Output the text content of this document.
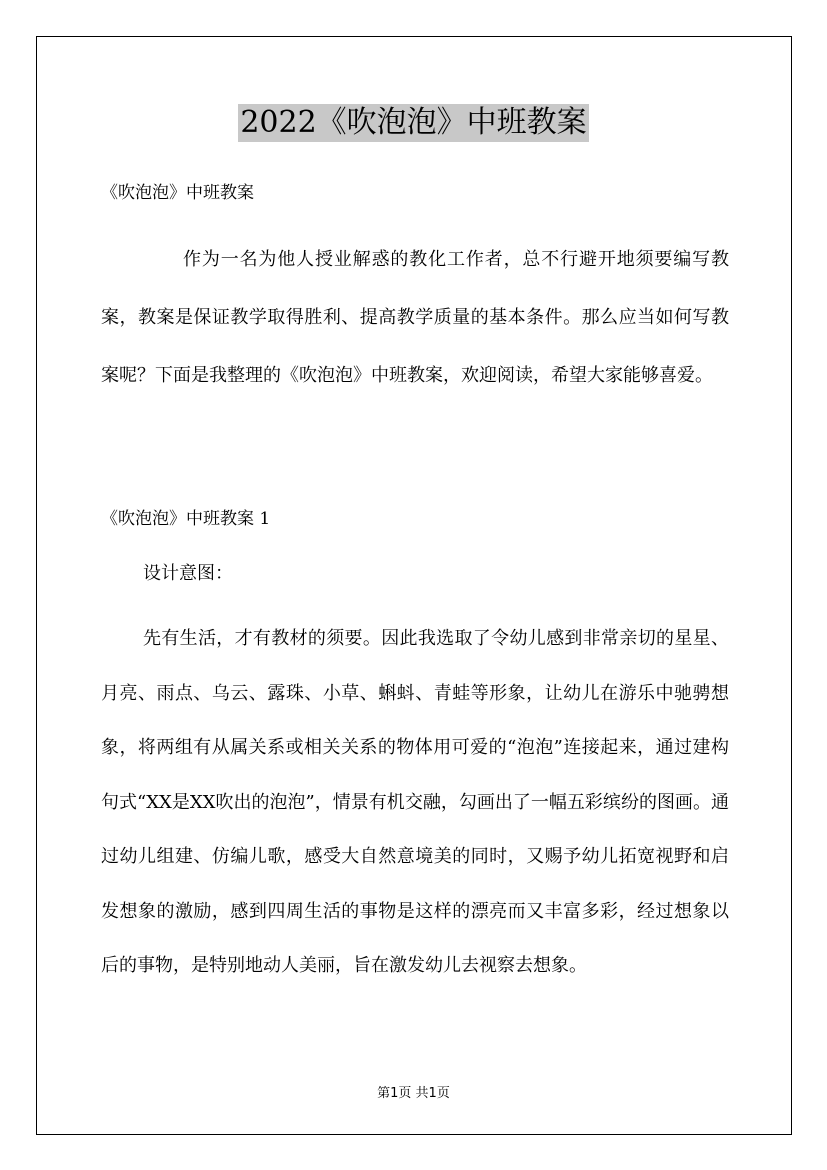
2022《吹泡泡》中班教案
《吹泡泡》中班教案

作为一名为他人授业解惑的教化工作者，总不行避开地须要编写教案，教案是保证教学取得胜利、提高教学质量的基本条件。那么应当如何写教案呢？下面是我整理的《吹泡泡》中班教案，欢迎阅读，希望大家能够喜爱。

《吹泡泡》中班教案 1
设计意图：

先有生活，才有教材的须要。因此我选取了令幼儿感到非常亲切的星星、月亮、雨点、乌云、露珠、小草、蝌蚪、青蛙等形象，让幼儿在游乐中驰骋想象，将两组有从属关系或相关关系的物体用可爱的“泡泡”连接起来，通过建构句式“XX是XX吹出的泡泡”，情景有机交融，勾画出了一幅五彩缤纷的图画。通过幼儿组建、仿编儿歌，感受大自然意境美的同时，又赐予幼儿拓宽视野和启发想象的激励，感到四周生活的事物是这样的漂亮而又丰富多彩，经过想象以后的事物，是特别地动人美丽，旨在激发幼儿去视察去想象。

第1页 共1页
